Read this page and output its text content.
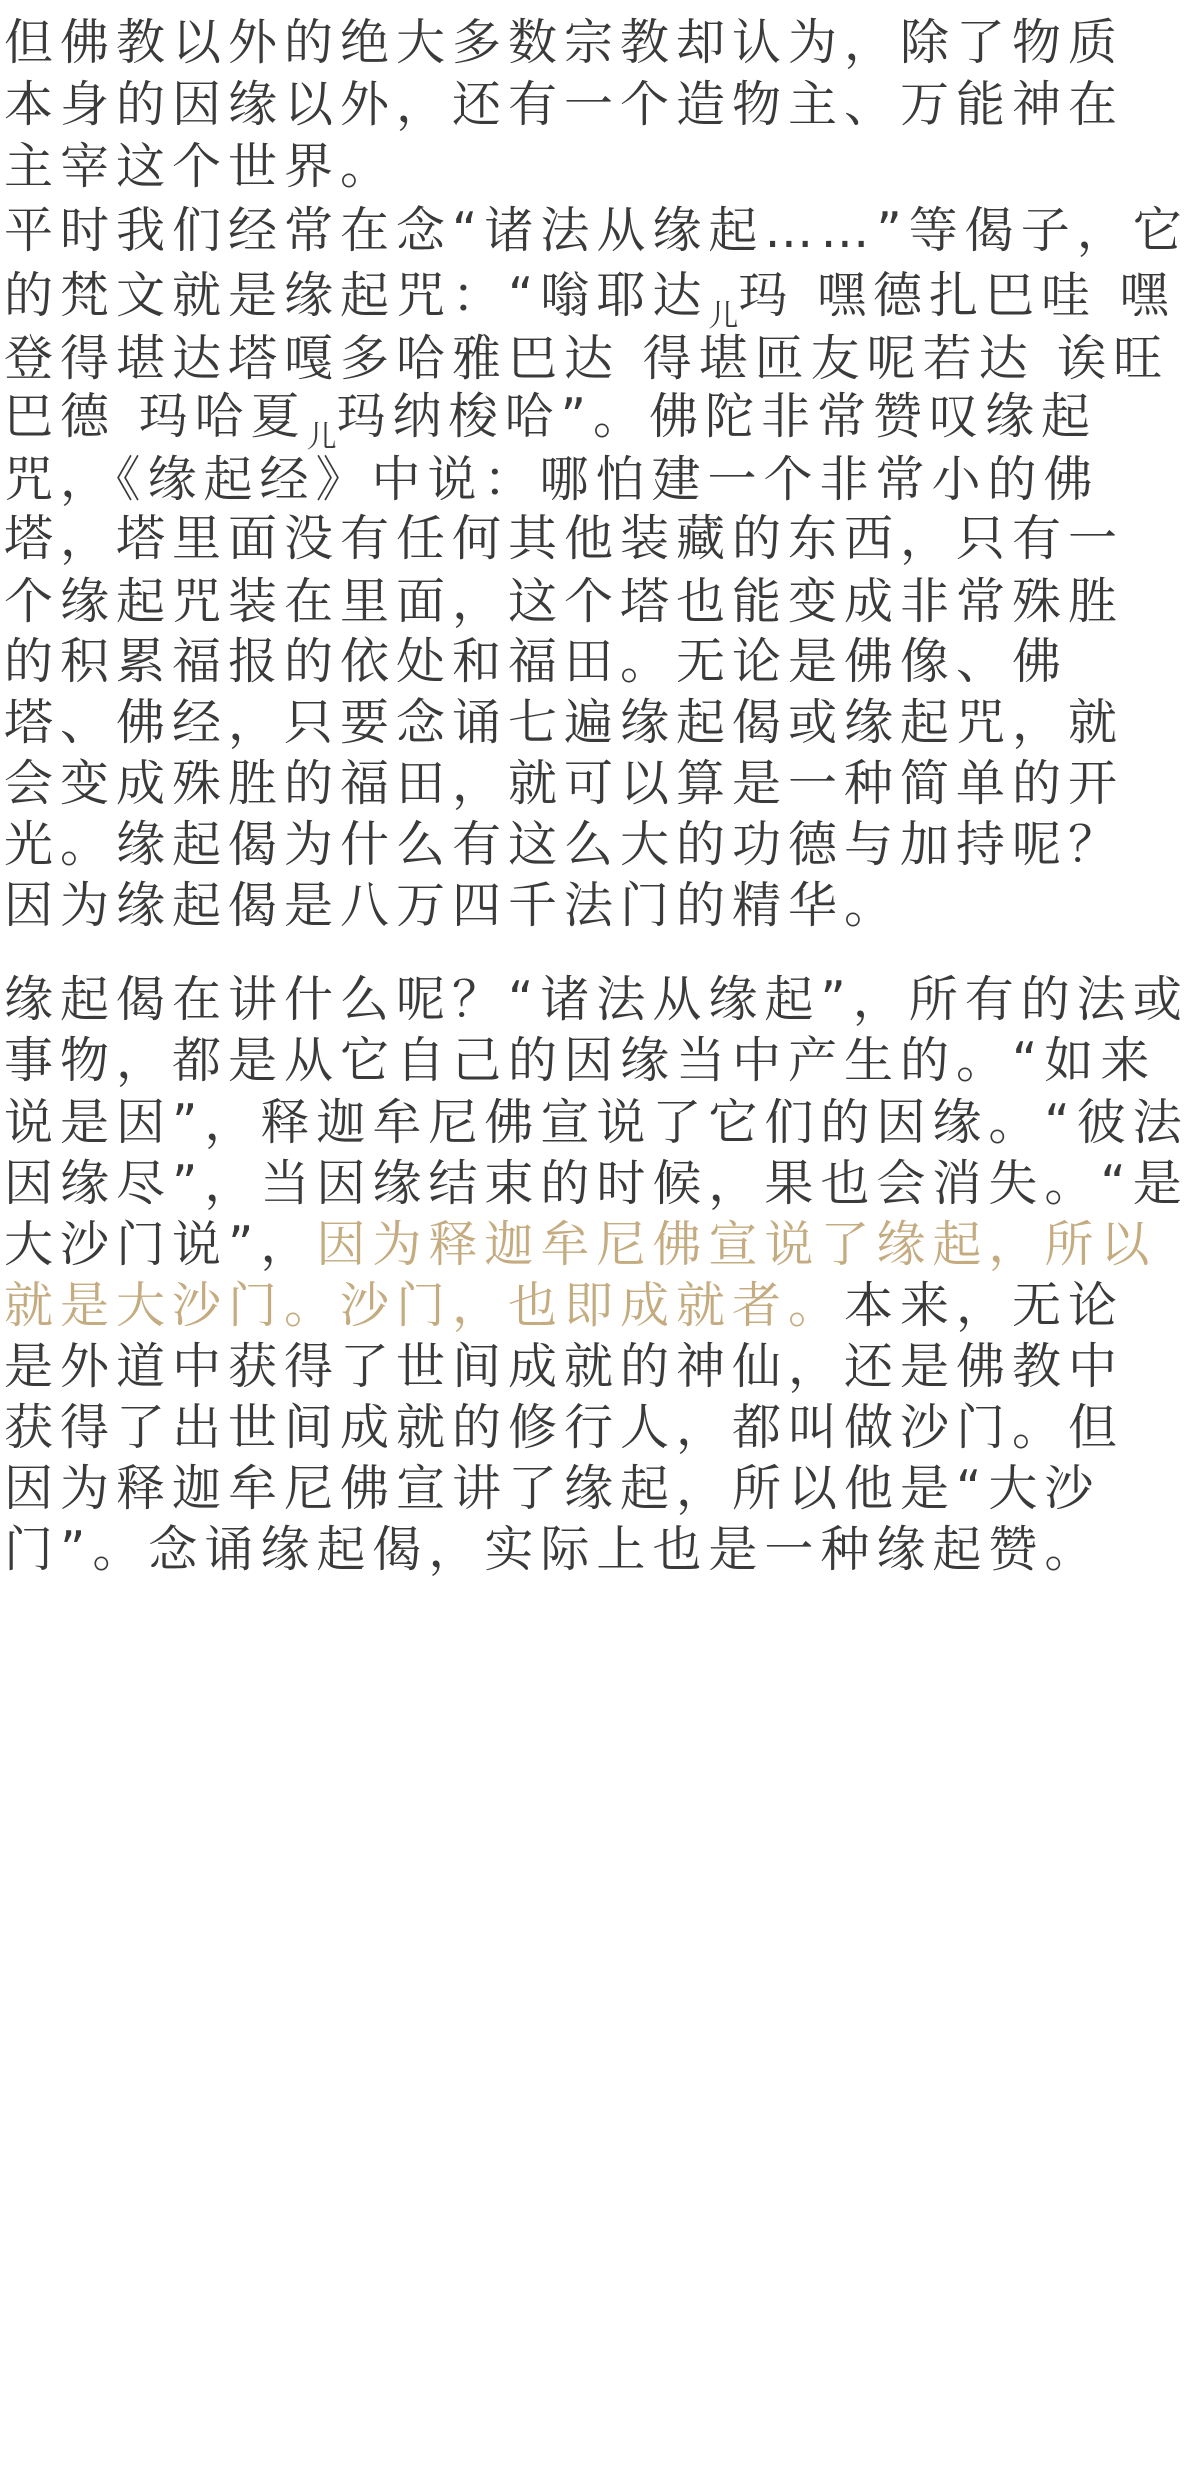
但佛教以外的绝大多数宗教却认为，除了物质
本身的因缘以外，还有一个造物主、万能神在
主宰这个世界。
平时我们经常在念“诸法从缘起……”等偈子，它
的梵文就是缘起咒：“嗡耶达$_儿$玛 嘿德扎巴哇 嘿
登得堪达塔嘎多哈雅巴达 得堪匝友呢若达 诶旺
巴德 玛哈夏$_儿$玛纳梭哈”。佛陀非常赞叹缘起
咒，《缘起经》中说：哪怕建一个非常小的佛
塔，塔里面没有任何其他装藏的东西，只有一
个缘起咒装在里面，这个塔也能变成非常殊胜
的积累福报的依处和福田。无论是佛像、佛
塔、佛经，只要念诵七遍缘起偈或缘起咒，就
会变成殊胜的福田，就可以算是一种简单的开
光。缘起偈为什么有这么大的功德与加持呢？
因为缘起偈是八万四千法门的精华。
缘起偈在讲什么呢？“诸法从缘起”，所有的法或
事物，都是从它自己的因缘当中产生的。“如来
说是因”，释迦牟尼佛宣说了它们的因缘。“彼法
因缘尽”，当因缘结束的时候，果也会消失。“是
大沙门说”，因为释迦牟尼佛宣说了缘起，所以
就是大沙门。沙门，也即成就者。本来，无论
是外道中获得了世间成就的神仙，还是佛教中
获得了出世间成就的修行人，都叫做沙门。但
因为释迦牟尼佛宣讲了缘起，所以他是“大沙
门”。念诵缘起偈，实际上也是一种缘起赞。
